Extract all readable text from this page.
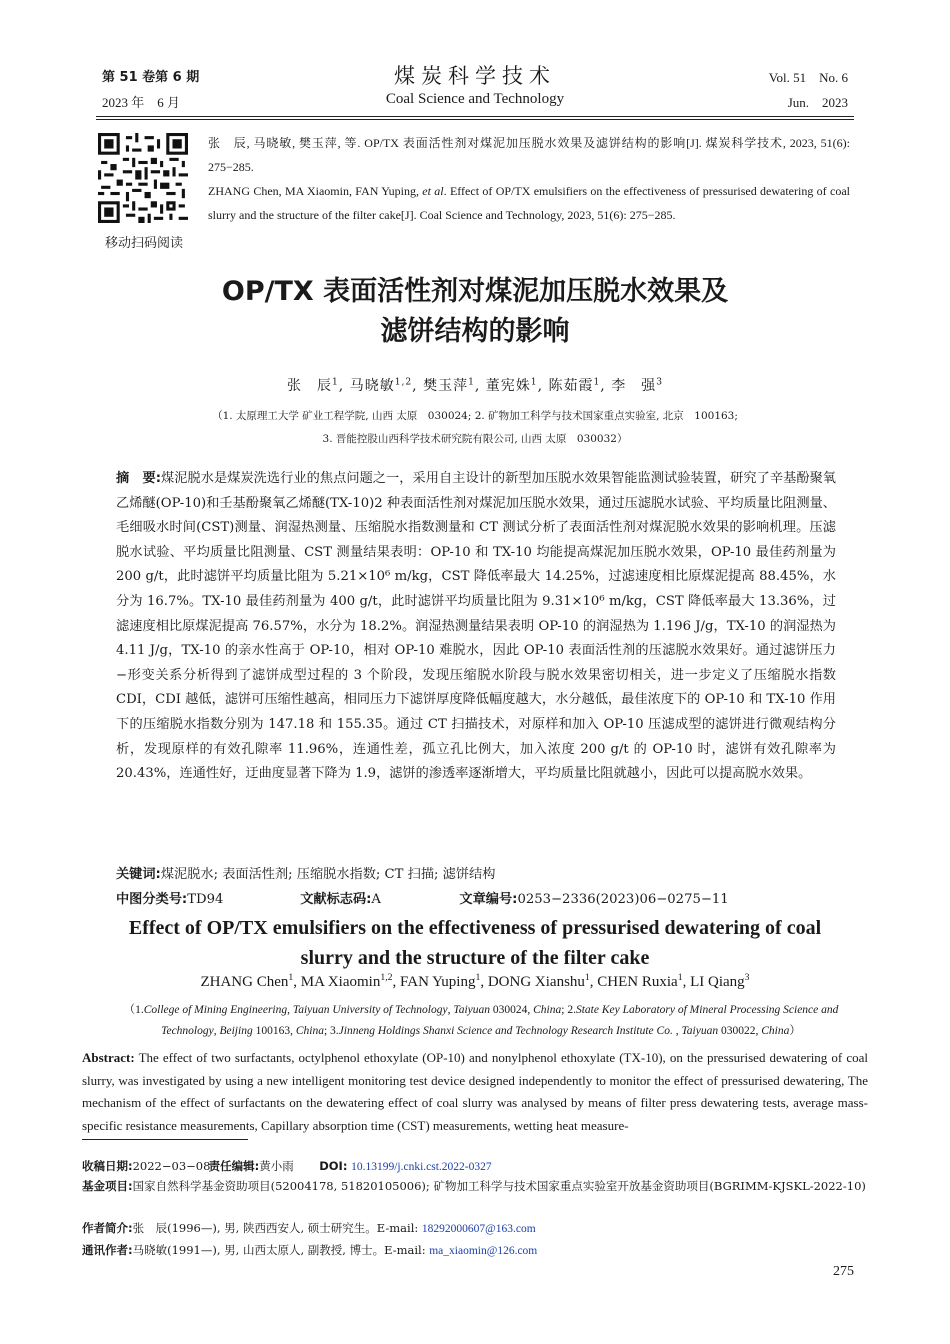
第 51 卷第 6 期
2023 年　6 月
煤炭科学技术
Coal Science and Technology
Vol. 51　No. 6
Jun.　2023
移动扫码阅读

张　辰, 马晓敏, 樊玉萍, 等. OP/TX 表面活性剂对煤泥加压脱水效果及滤饼结构的影响[J]. 煤炭科学技术, 2023, 51(6): 275−285.

ZHANG Chen, MA Xiaomin, FAN Yuping, et al. Effect of OP/TX emulsifiers on the effectiveness of pressurised dewatering of coal slurry and the structure of the filter cake[J]. Coal Science and Technology, 2023, 51(6): 275−285.

OP/TX 表面活性剂对煤泥加压脱水效果及
滤饼结构的影响
张　辰$^1$, 马晓敏$^{1,2}$, 樊玉萍$^1$, 董宪姝$^1$, 陈茹霞$^1$, 李　强$^3$
（1. 太原理工大学 矿业工程学院, 山西 太原　030024; 2. 矿物加工科学与技术国家重点实验室, 北京　100163;
3. 晋能控股山西科学技术研究院有限公司, 山西 太原　030032）
摘　要:煤泥脱水是煤炭洗选行业的焦点问题之一，采用自主设计的新型加压脱水效果智能监测试验装置，研究了辛基酚聚氧乙烯醚(OP-10)和壬基酚聚氧乙烯醚(TX-10)2 种表面活性剂对煤泥加压脱水效果，通过压滤脱水试验、平均质量比阻测量、毛细吸水时间(CST)测量、润湿热测量、压缩脱水指数测量和 CT 测试分析了表面活性剂对煤泥脱水效果的影响机理。压滤脱水试验、平均质量比阻测量、CST 测量结果表明：OP-10 和 TX-10 均能提高煤泥加压脱水效果，OP-10 最佳药剂量为 200 g/t，此时滤饼平均质量比阻为 5.21×10⁶ m/kg，CST 降低率最大 14.25%，过滤速度相比原煤泥提高 88.45%，水分为 16.7%。TX-10 最佳药剂量为 400 g/t，此时滤饼平均质量比阻为 9.31×10⁶ m/kg，CST 降低率最大 13.36%，过滤速度相比原煤泥提高 76.57%，水分为 18.2%。润湿热测量结果表明 OP-10 的润湿热为 1.196 J/g，TX-10 的润湿热为 4.11 J/g，TX-10 的亲水性高于 OP-10，相对 OP-10 难脱水，因此 OP-10 表面活性剂的压滤脱水效果好。通过滤饼压力−形变关系分析得到了滤饼成型过程的 3 个阶段，发现压缩脱水阶段与脱水效果密切相关，进一步定义了压缩脱水指数 CDI，CDI 越低，滤饼可压缩性越高，相同压力下滤饼厚度降低幅度越大，水分越低，最佳浓度下的 OP-10 和 TX-10 作用下的压缩脱水指数分别为 147.18 和 155.35。通过 CT 扫描技术，对原样和加入 OP-10 压滤成型的滤饼进行微观结构分析，发现原样的有效孔隙率 11.96%，连通性差，孤立孔比例大，加入浓度 200 g/t 的 OP-10 时，滤饼有效孔隙率为 20.43%，连通性好，迂曲度显著下降为 1.9，滤饼的渗透率逐渐增大，平均质量比阻就越小，因此可以提高脱水效果。
关键词:煤泥脱水; 表面活性剂; 压缩脱水指数; CT 扫描; 滤饼结构
中图分类号:TD94	文献标志码:A	文章编号:0253−2336(2023)06−0275−11
Effect of OP/TX emulsifiers on the effectiveness of pressurised dewatering of coal
slurry and the structure of the filter cake
ZHANG Chen$^1$, MA Xiaomin$^{1,2}$, FAN Yuping$^1$, DONG Xianshu$^1$, CHEN Ruxia$^1$, LI Qiang$^3$
（1.College of Mining Engineering, Taiyuan University of Technology, Taiyuan 030024, China; 2.State Key Laboratory of Mineral Processing Science and Technology, Beijing 100163, China; 3.Jinneng Holdings Shanxi Science and Technology Research Institute Co. , Taiyuan 030022, China）
Abstract: The effect of two surfactants, octylphenol ethoxylate (OP-10) and nonylphenol ethoxylate (TX-10), on the pressurised dewatering of coal slurry, was investigated by using a new intelligent monitoring test device designed independently to monitor the effect of pressurised dewatering, The mechanism of the effect of surfactants on the dewatering effect of coal slurry was analysed by means of filter press dewatering tests, average mass-specific resistance measurements, Capillary absorption time (CST) measurements, wetting heat measure-
收稿日期:2022−03−08责任编辑:黄小雨 DOI: 10.13199/j.cnki.cst.2022-0327
基金项目:国家自然科学基金资助项目(52004178, 51820105006); 矿物加工科学与技术国家重点实验室开放基金资助项目(BGRIMM-KJSKL-2022-10)
作者简介:张　辰(1996—), 男, 陕西西安人, 硕士研究生。E-mail: 18292000607@163.com
通讯作者:马晓敏(1991—), 男, 山西太原人, 副教授, 博士。E-mail: ma_xiaomin@126.com
275
